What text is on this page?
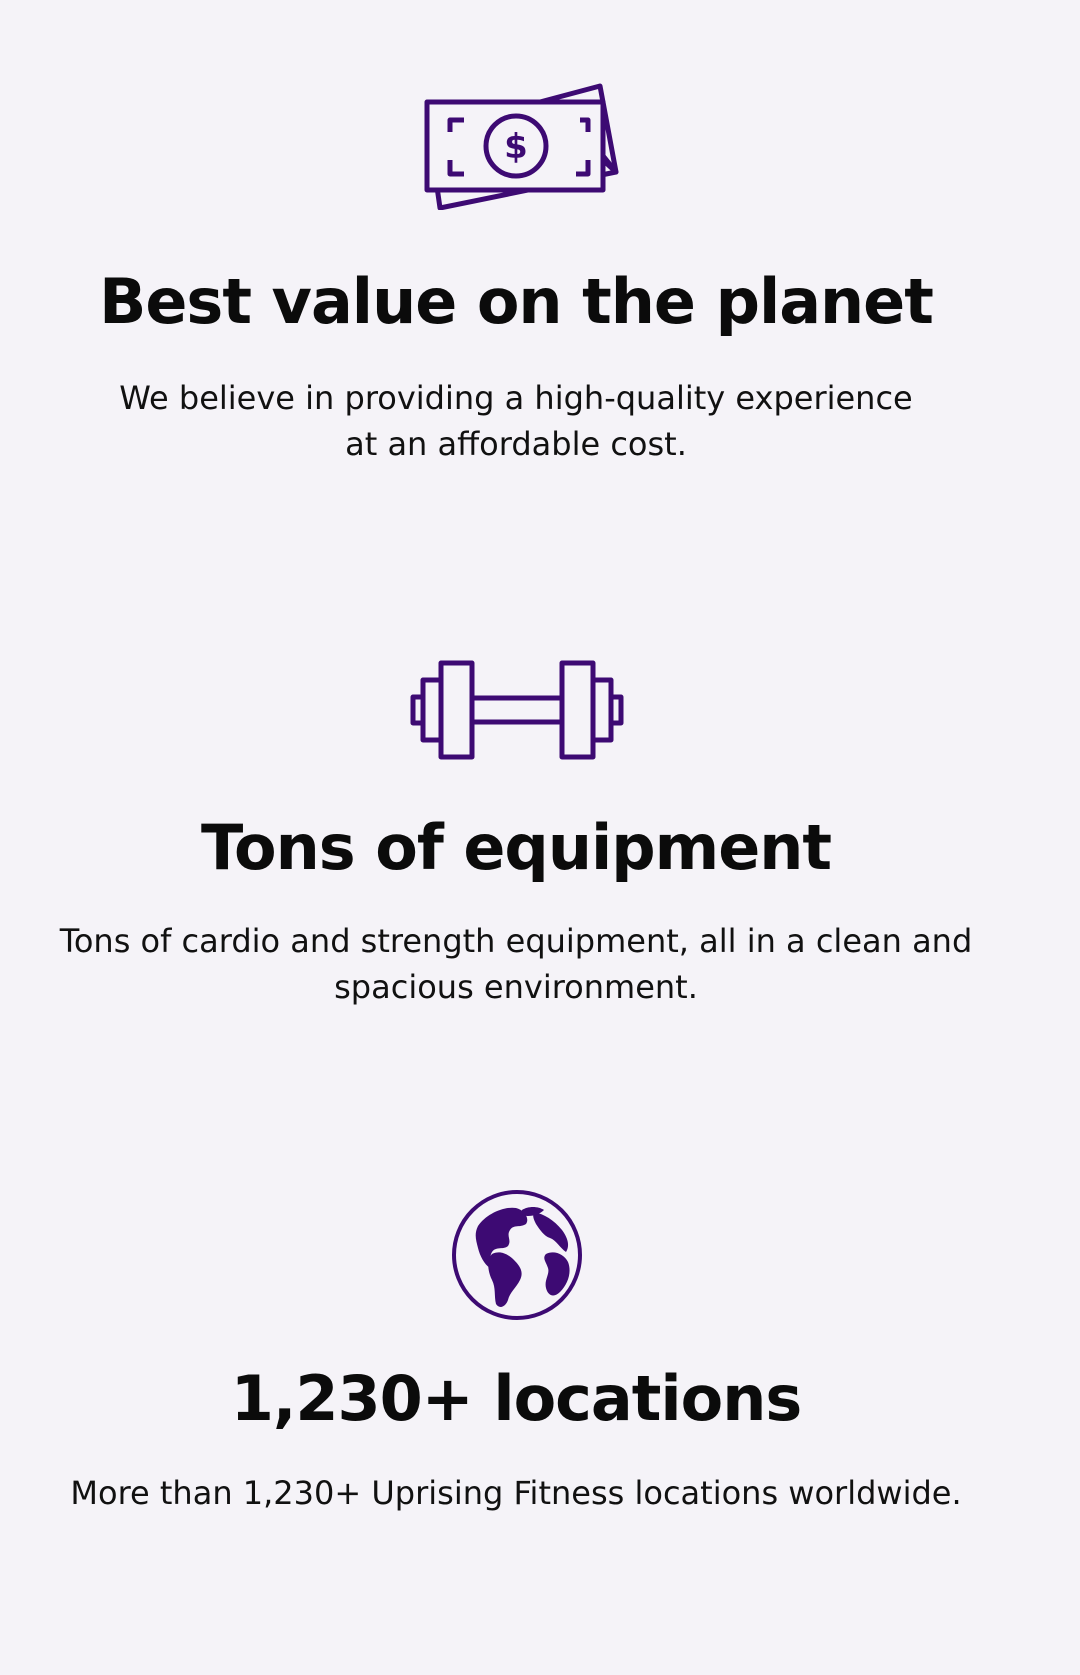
$
Best value on the planet

We believe in providing a high-quality experience
at an affordable cost.

Tons of equipment

Tons of cardio and strength equipment, all in a clean and
spacious environment.

1,230+ locations

More than 1,230+ Uprising Fitness locations worldwide.
